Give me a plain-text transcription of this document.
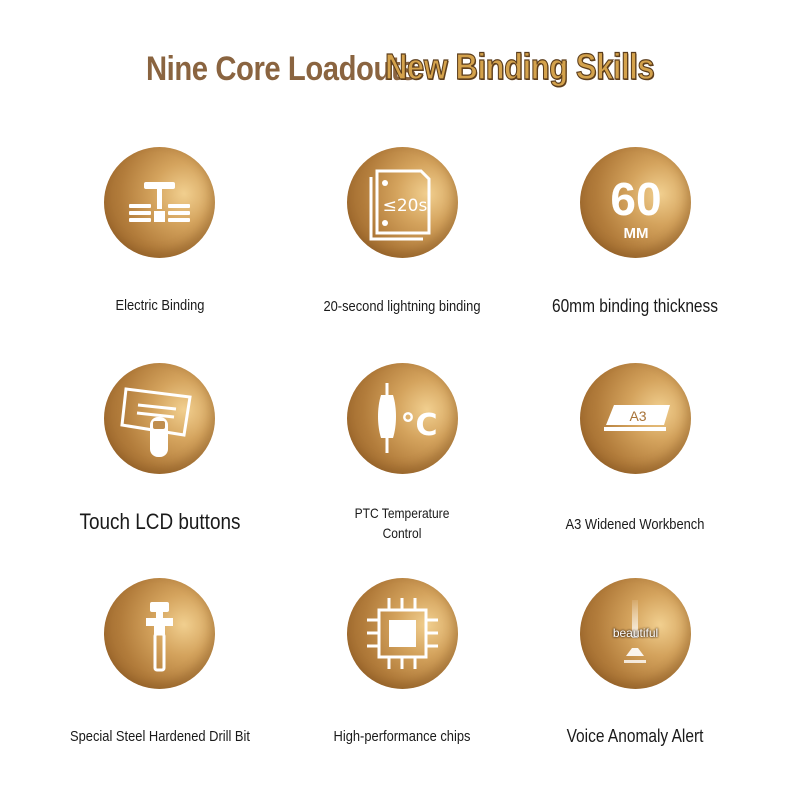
Nine Core Loadouts
New Binding Skills
Electric Binding
≤20s
20-second lightning binding
60
MM
60mm binding thickness
Touch LCD buttons
°C
PTC Temperature
Control
A3
A3 Widened Workbench
Special Steel Hardened Drill Bit	High-performance chips
beautiful
Voice Anomaly Alert
